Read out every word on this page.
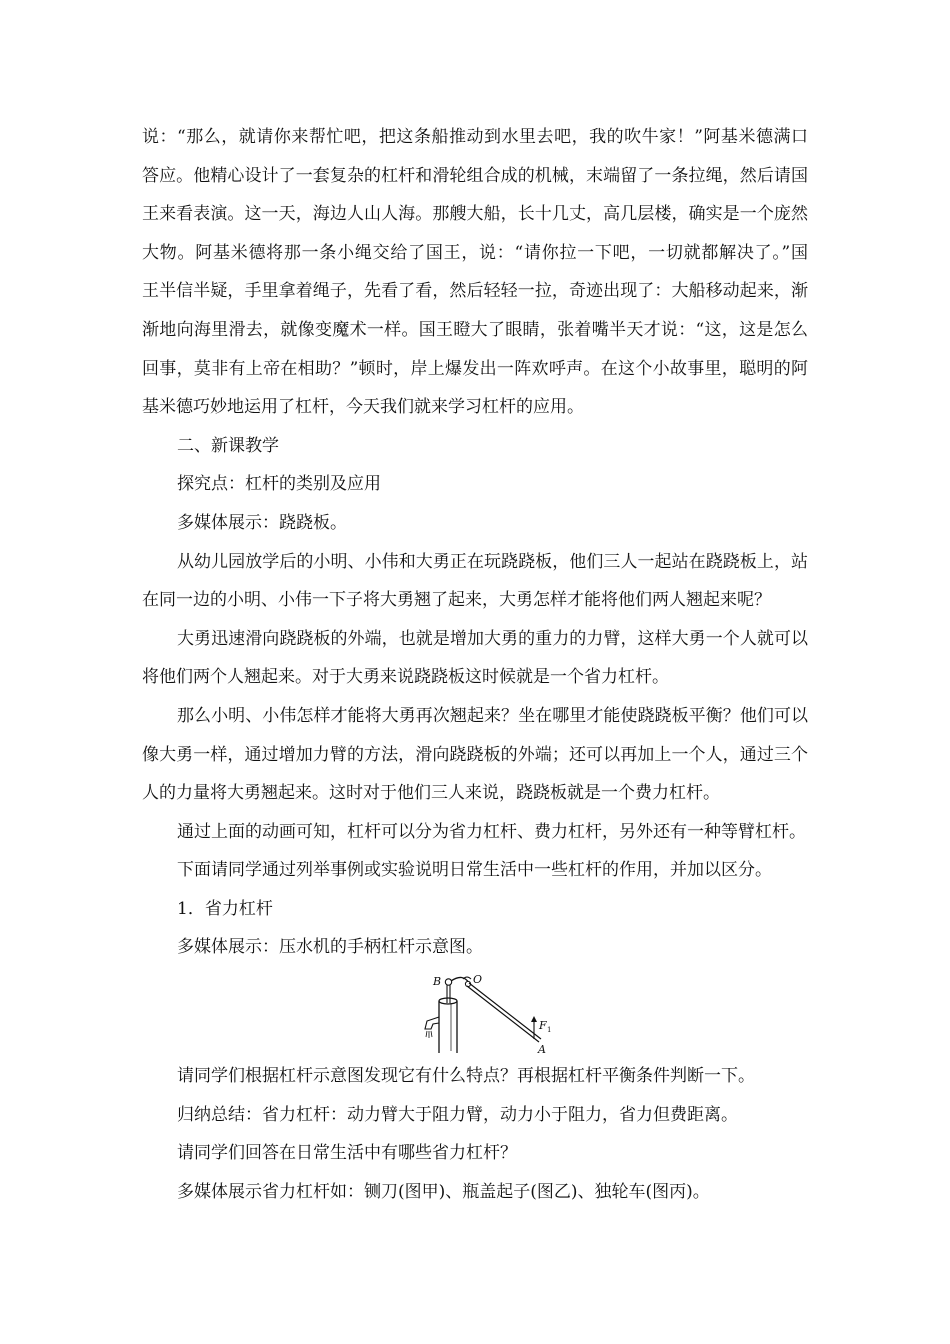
说：“那么，就请你来帮忙吧，把这条船推动到水里去吧，我的吹牛家！”阿基米德满口
答应。他精心设计了一套复杂的杠杆和滑轮组合成的机械，末端留了一条拉绳，然后请国
王来看表演。这一天，海边人山人海。那艘大船，长十几丈，高几层楼，确实是一个庞然
大物。阿基米德将那一条小绳交给了国王，说：“请你拉一下吧，一切就都解决了。”国
王半信半疑，手里拿着绳子，先看了看，然后轻轻一拉，奇迹出现了：大船移动起来，渐
渐地向海里滑去，就像变魔术一样。国王瞪大了眼睛，张着嘴半天才说：“这，这是怎么
回事，莫非有上帝在相助？”顿时，岸上爆发出一阵欢呼声。在这个小故事里，聪明的阿
基米德巧妙地运用了杠杆，今天我们就来学习杠杆的应用。
二、新课教学
探究点：杠杆的类别及应用
多媒体展示：跷跷板。
从幼儿园放学后的小明、小伟和大勇正在玩跷跷板，他们三人一起站在跷跷板上，站
在同一边的小明、小伟一下子将大勇翘了起来，大勇怎样才能将他们两人翘起来呢？
大勇迅速滑向跷跷板的外端，也就是增加大勇的重力的力臂，这样大勇一个人就可以
将他们两个人翘起来。对于大勇来说跷跷板这时候就是一个省力杠杆。
那么小明、小伟怎样才能将大勇再次翘起来？坐在哪里才能使跷跷板平衡？他们可以
像大勇一样，通过增加力臂的方法，滑向跷跷板的外端；还可以再加上一个人，通过三个
人的力量将大勇翘起来。这时对于他们三人来说，跷跷板就是一个费力杠杆。
通过上面的动画可知，杠杆可以分为省力杠杆、费力杠杆，另外还有一种等臂杠杆。
下面请同学通过列举事例或实验说明日常生活中一些杠杆的作用，并加以区分。
1．省力杠杆
多媒体展示：压水机的手柄杠杆示意图。
B	O
F 1
A
请同学们根据杠杆示意图发现它有什么特点？再根据杠杆平衡条件判断一下。
归纳总结：省力杠杆：动力臂大于阻力臂，动力小于阻力，省力但费距离。
请同学们回答在日常生活中有哪些省力杠杆？
多媒体展示省力杠杆如：铡刀(图甲)、瓶盖起子(图乙)、独轮车(图丙)。
